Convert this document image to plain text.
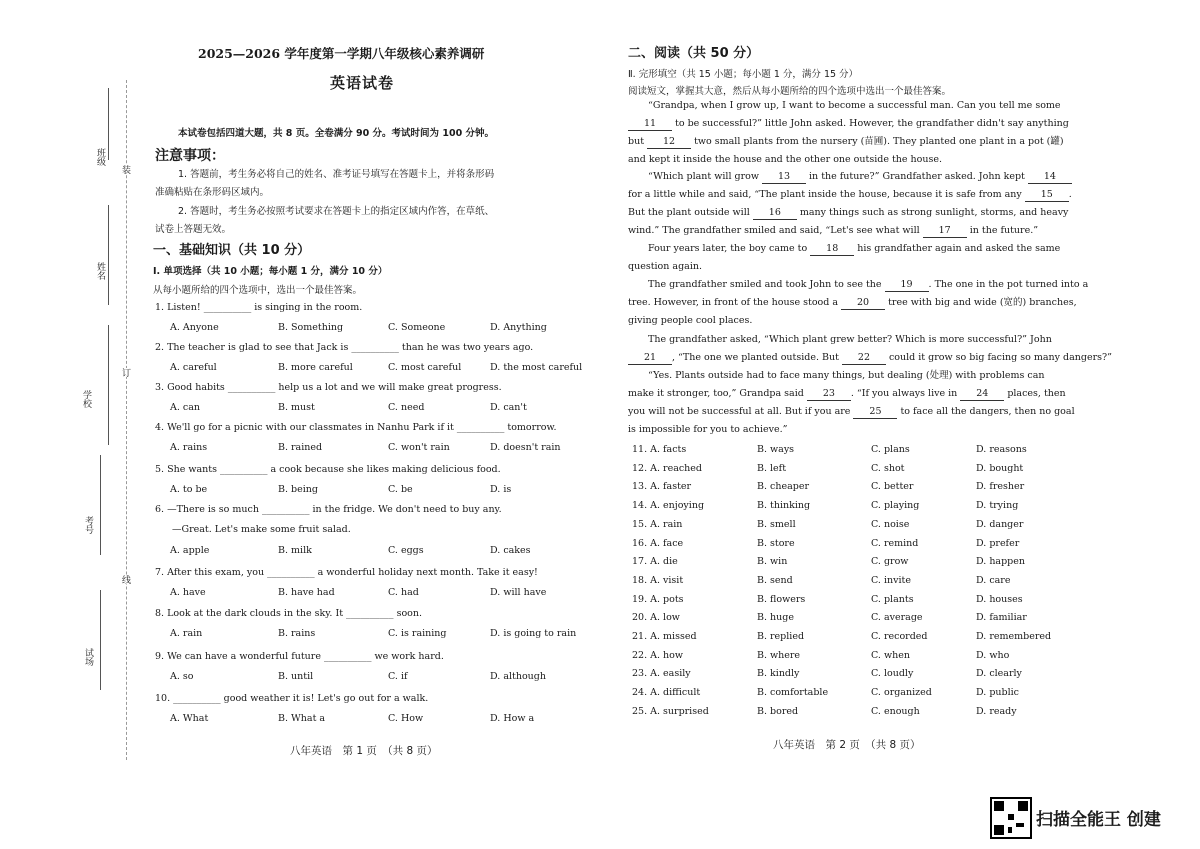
班级
姓名
学校
考号
试场
装
订
线
2025—2026 学年度第一学期八年级核心素养调研
英语试卷
本试卷包括四道大题，共 8 页。全卷满分 90 分。考试时间为 100 分钟。
注意事项：
1. 答题前，考生务必将自己的姓名、准考证号填写在答题卡上，并将条形码
准确粘贴在条形码区域内。
2. 答题时，考生务必按照考试要求在答题卡上的指定区域内作答，在草纸、
试卷上答题无效。
一、基础知识（共 10 分）
Ⅰ. 单项选择（共 10 小题；每小题 1 分，满分 10 分）
从每小题所给的四个选项中，选出一个最佳答案。
1. Listen! __________ is singing in the room.
A. Anyone	B. Something	C. Someone	D. Anything
2. The teacher is glad to see that Jack is __________ than he was two years ago.
A. careful	B. more careful	C. most careful	D. the most careful
3. Good habits __________ help us a lot and we will make great progress.
A. can	B. must	C. need	D. can't
4. We'll go for a picnic with our classmates in Nanhu Park if it __________ tomorrow.
A. rains	B. rained	C. won't rain	D. doesn't rain
5. She wants __________ a cook because she likes making delicious food.
A. to be	B. being	C. be	D. is
6. —There is so much __________ in the fridge. We don't need to buy any.
—Great. Let's make some fruit salad.
A. apple	B. milk	C. eggs	D. cakes
7. After this exam, you __________ a wonderful holiday next month. Take it easy!
A. have	B. have had	C. had	D. will have
8. Look at the dark clouds in the sky. It __________ soon.
A. rain	B. rains	C. is raining	D. is going to rain
9. We can have a wonderful future __________ we work hard.
A. so	B. until	C. if	D. although
10. __________ good weather it is! Let's go out for a walk.
A. What	B. What a	C. How	D. How a
八年英语　第 1 页　（共 8 页）
二、阅读（共 50 分）
Ⅱ. 完形填空（共 15 小题；每小题 1 分，满分 15 分）
阅读短文，掌握其大意，然后从每小题所给的四个选项中选出一个最佳答案。
“Grandpa, when I grow up, I want to become a successful man. Can you tell me some
11 to be successful?” little John asked. However, the grandfather didn't say anything
but 12 two small plants from the nursery (苗圃). They planted one plant in a pot (罐)
and kept it inside the house and the other one outside the house.
“Which plant will grow 13 in the future?” Grandfather asked. John kept 14
for a little while and said, “The plant inside the house, because it is safe from any 15 .
But the plant outside will 16 many things such as strong sunlight, storms, and heavy
wind.” The grandfather smiled and said, “Let's see what will 17 in the future.”
Four years later, the boy came to 18 his grandfather again and asked the same
question again.
The grandfather smiled and took John to see the 19 . The one in the pot turned into a
tree. However, in front of the house stood a 20 tree with big and wide (宽的) branches,
giving people cool places.
The grandfather asked, “Which plant grew better? Which is more successful?” John
21 , “The one we planted outside. But 22 could it grow so big facing so many dangers?”
“Yes. Plants outside had to face many things, but dealing (处理) with problems can
make it stronger, too,” Grandpa said 23 . “If you always live in 24 places, then
you will not be successful at all. But if you are 25 to face all the dangers, then no goal
is impossible for you to achieve.”
11. A. facts	B. ways	C. plans	D. reasons
12. A. reached	B. left	C. shot	D. bought
13. A. faster	B. cheaper	C. better	D. fresher
14. A. enjoying	B. thinking	C. playing	D. trying
15. A. rain	B. smell	C. noise	D. danger
16. A. face	B. store	C. remind	D. prefer
17. A. die	B. win	C. grow	D. happen
18. A. visit	B. send	C. invite	D. care
19. A. pots	B. flowers	C. plants	D. houses
20. A. low	B. huge	C. average	D. familiar
21. A. missed	B. replied	C. recorded	D. remembered
22. A. how	B. where	C. when	D. who
23. A. easily	B. kindly	C. loudly	D. clearly
24. A. difficult	B. comfortable	C. organized	D. public
25. A. surprised	B. bored	C. enough	D. ready
八年英语　第 2 页　（共 8 页）
扫描全能王 创建
